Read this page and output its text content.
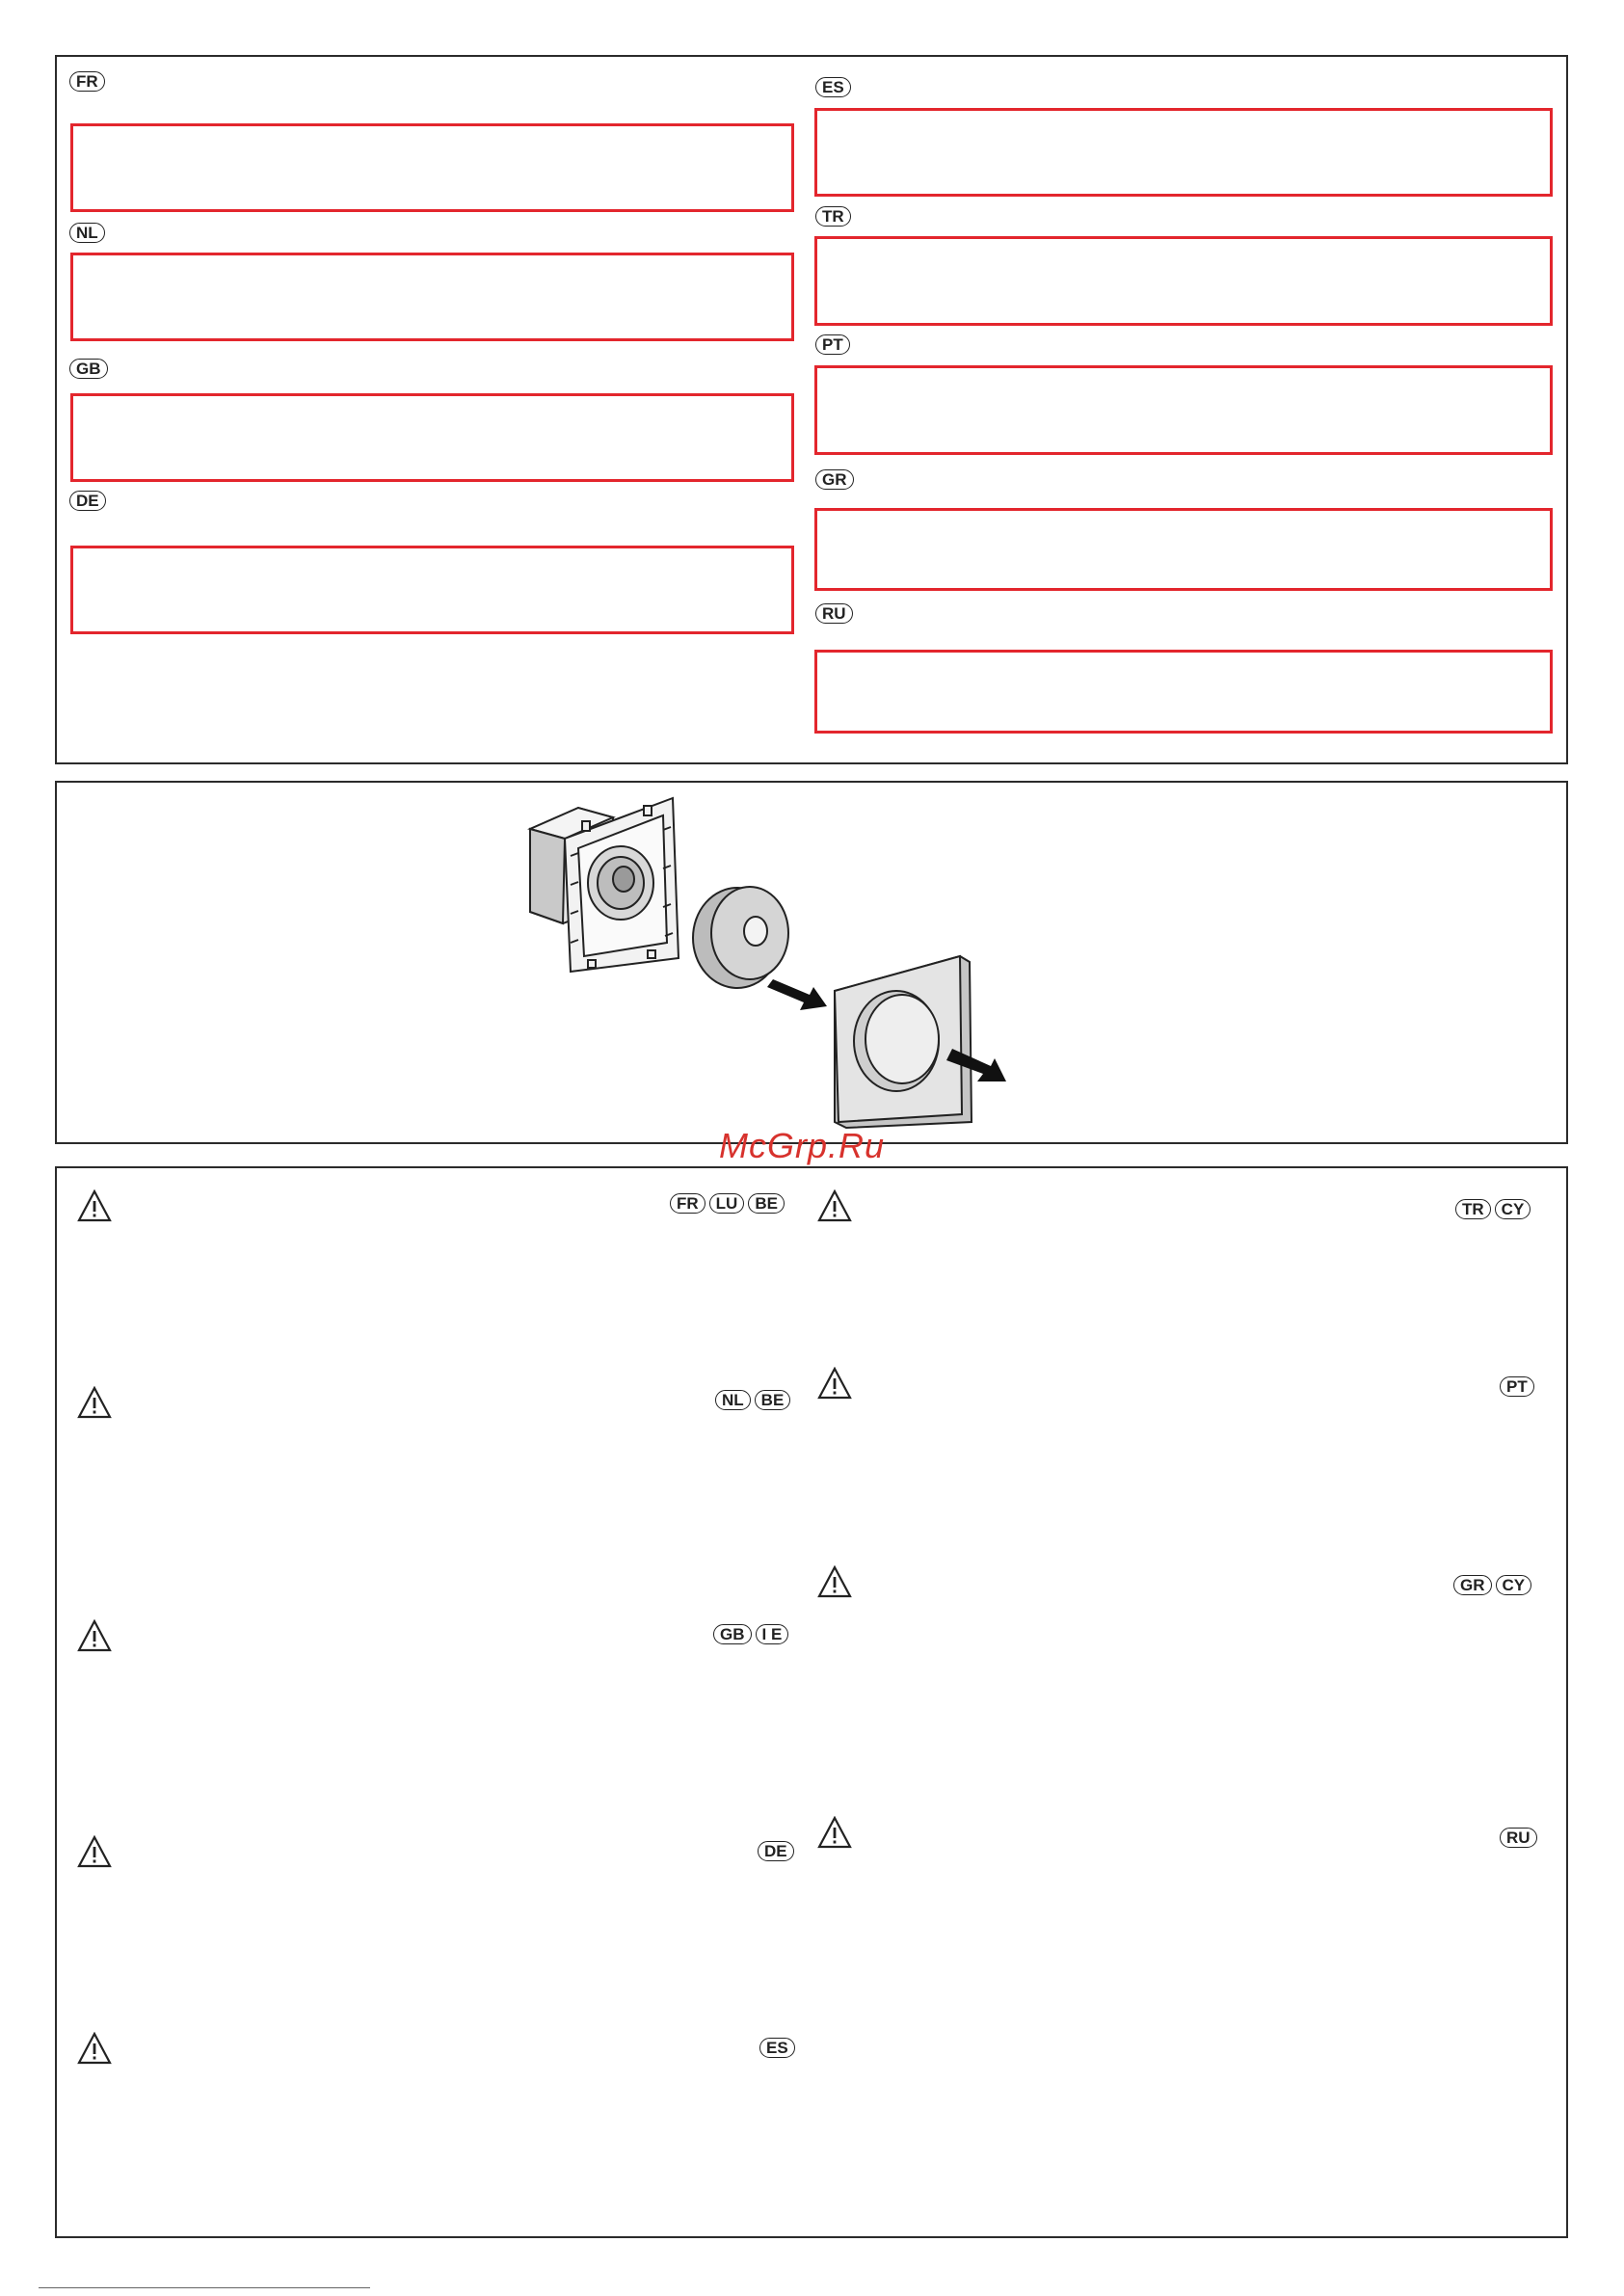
FR
NL
GB
DE
ES
TR
PT
GR
RU
McGrp.Ru
FR	LU	BE
NL	BE
GB	I E
DE
ES
TR	CY
PT
GR	CY
RU
